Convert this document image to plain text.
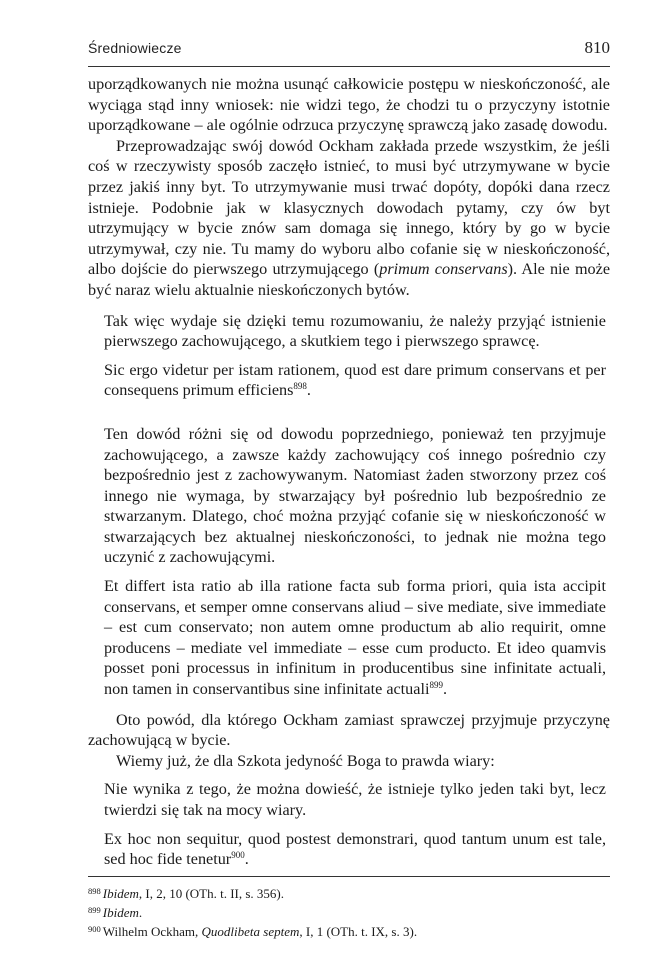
Średniowiecze	810

uporządkowanych nie można usunąć całkowicie postępu w nieskończoność, ale wyciąga stąd inny wniosek: nie widzi tego, że chodzi tu o przyczyny istotnie uporządkowane – ale ogólnie odrzuca przyczynę sprawczą jako zasadę dowodu.

Przeprowadzając swój dowód Ockham zakłada przede wszystkim, że jeśli coś w rzeczywisty sposób zaczęło istnieć, to musi być utrzymywane w bycie przez jakiś inny byt. To utrzymywanie musi trwać dopóty, dopóki dana rzecz istnieje. Podobnie jak w klasycznych dowodach pytamy, czy ów byt utrzymujący w bycie znów sam domaga się innego, który by go w bycie utrzymywał, czy nie. Tu mamy do wyboru albo cofanie się w nieskończoność, albo dojście do pierwszego utrzymującego (primum conservans). Ale nie może być naraz wielu aktualnie nieskończonych bytów.

Tak więc wydaje się dzięki temu rozumowaniu, że należy przyjąć istnienie pierwszego zachowującego, a skutkiem tego i pierwszego sprawcę.

Sic ergo videtur per istam rationem, quod est dare primum conservans et per consequens primum efficiens$^{898}$.

Ten dowód różni się od dowodu poprzedniego, ponieważ ten przyjmuje zachowującego, a zawsze każdy zachowujący coś innego pośrednio czy bezpośrednio jest z zachowywanym. Natomiast żaden stworzony przez coś innego nie wymaga, by stwarzający był pośrednio lub bezpośrednio ze stwarzanym. Dlatego, choć można przyjąć cofanie się w nieskończoność w stwarzających bez aktualnej nieskończoności, to jednak nie można tego uczynić z zachowującymi.

Et differt ista ratio ab illa ratione facta sub forma priori, quia ista accipit conservans, et semper omne conservans aliud – sive mediate, sive immediate – est cum conservato; non autem omne productum ab alio requirit, omne producens – mediate vel immediate – esse cum producto. Et ideo quamvis posset poni processus in infinitum in producentibus sine infinitate actuali, non tamen in conservantibus sine infinitate actuali$^{899}$.

Oto powód, dla którego Ockham zamiast sprawczej przyjmuje przyczynę zachowującą w bycie.

Wiemy już, że dla Szkota jedyność Boga to prawda wiary:

Nie wynika z tego, że można dowieść, że istnieje tylko jeden taki byt, lecz twierdzi się tak na mocy wiary.

Ex hoc non sequitur, quod postest demonstrari, quod tantum unum est tale, sed hoc fide tenetur$^{900}$.

$^{898}$ Ibidem, I, 2, 10 (OTh. t. II, s. 356).

$^{899}$ Ibidem.

$^{900}$ Wilhelm Ockham, Quodlibeta septem, I, 1 (OTh. t. IX, s. 3).
